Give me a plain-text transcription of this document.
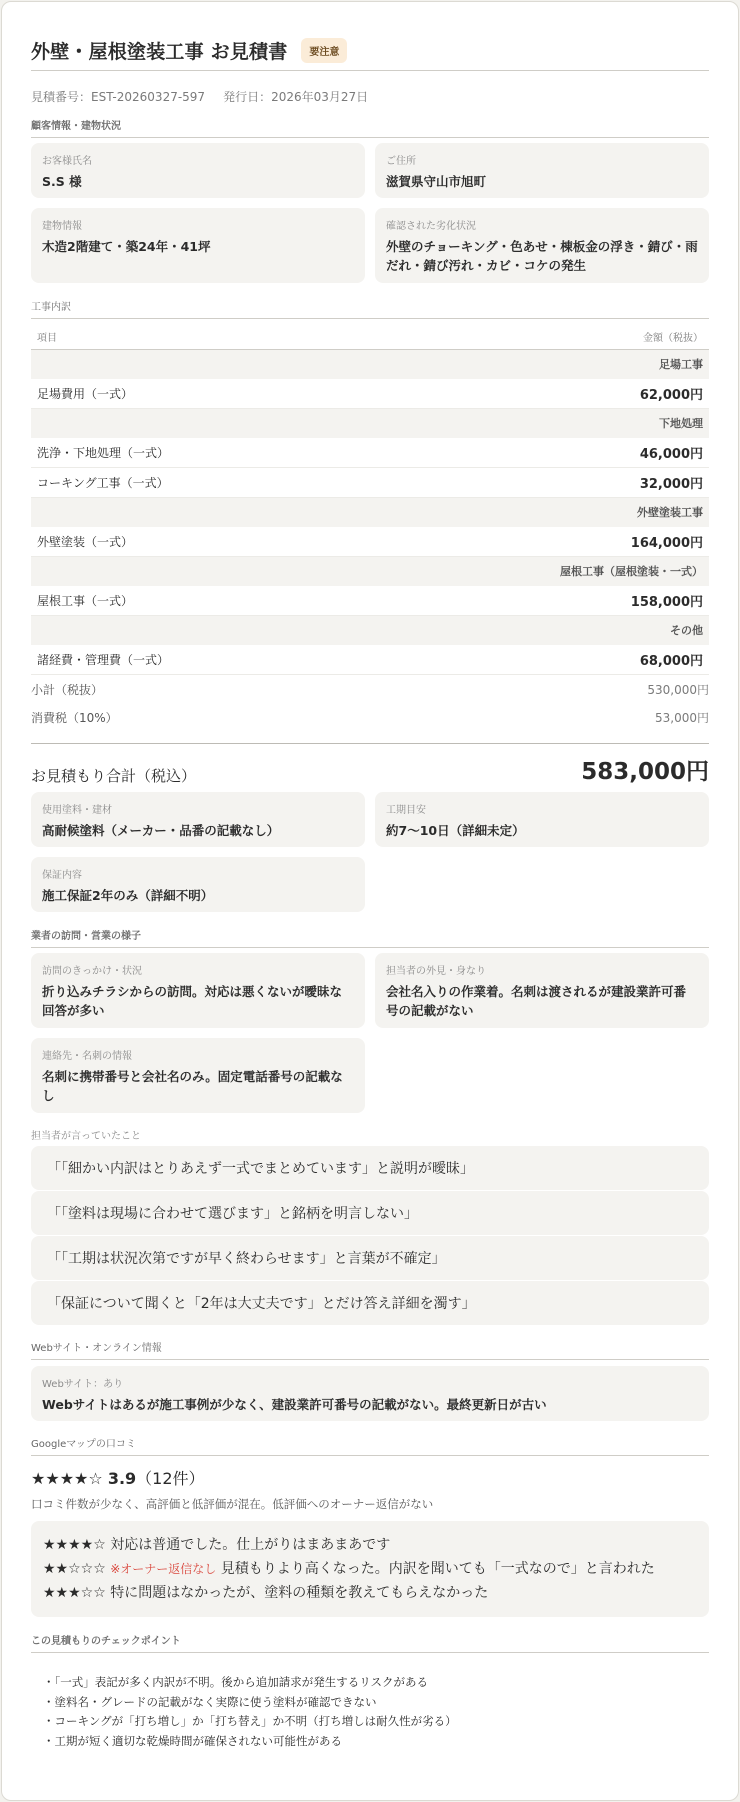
外壁・屋根塗装工事 お見積書	要注意
見積番号：EST-20260327-597 発行日：2026年03月27日
顧客情報・建物状況
お客様氏名
S.S 様
ご住所
滋賀県守山市旭町
建物情報
木造2階建て・築24年・41坪
確認された劣化状況
外壁のチョーキング・色あせ・棟板金の浮き・錆び・雨だれ・錆び汚れ・カビ・コケの発生
工事内訳
項目	金額（税抜）
足場工事	
足場費用（一式）	62,000円
下地処理	
洗浄・下地処理（一式）	46,000円
コーキング工事（一式）	32,000円
外壁塗装工事	
外壁塗装（一式）	164,000円
屋根工事（屋根塗装・一式）	
屋根工事（一式）	158,000円
その他	
諸経費・管理費（一式）	68,000円
小計（税抜）	530,000円
消費税（10%）	53,000円
お見積もり合計（税込）	583,000円
使用塗料・建材
高耐候塗料（メーカー・品番の記載なし）
工期目安
約7〜10日（詳細未定）
保証内容
施工保証2年のみ（詳細不明）
業者の訪問・営業の様子
訪問のきっかけ・状況
折り込みチラシからの訪問。対応は悪くないが曖昧な回答が多い
担当者の外見・身なり
会社名入りの作業着。名刺は渡されるが建設業許可番号の記載がない
連絡先・名刺の情報
名刺に携帯番号と会社名のみ。固定電話番号の記載なし
担当者が言っていたこと
「「細かい内訳はとりあえず一式でまとめています」と説明が曖昧」
「「塗料は現場に合わせて選びます」と銘柄を明言しない」
「「工期は状況次第ですが早く終わらせます」と言葉が不確定」
「保証について聞くと「2年は大丈夫です」とだけ答え詳細を濁す」
Webサイト・オンライン情報
Webサイト：あり
Webサイトはあるが施工事例が少なく、建設業許可番号の記載がない。最終更新日が古い
Googleマップの口コミ
★★★★☆ 3.9（12件）
口コミ件数が少なく、高評価と低評価が混在。低評価へのオーナー返信がない
★★★★☆ 対応は普通でした。仕上がりはまあまあです
★★☆☆☆ ※オーナー返信なし 見積もりより高くなった。内訳を聞いても「一式なので」と言われた
★★★☆☆ 特に問題はなかったが、塗料の種類を教えてもらえなかった
この見積もりのチェックポイント
・「一式」表記が多く内訳が不明。後から追加請求が発生するリスクがある
・塗料名・グレードの記載がなく実際に使う塗料が確認できない
・コーキングが「打ち増し」か「打ち替え」か不明（打ち増しは耐久性が劣る）
・工期が短く適切な乾燥時間が確保されない可能性がある
